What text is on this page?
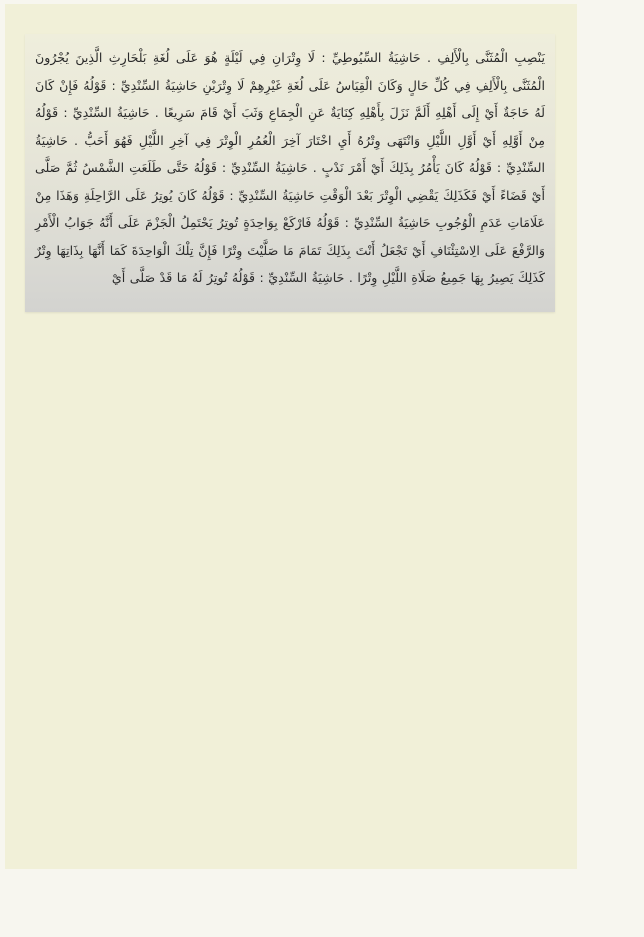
يَنْصِبِ الْمُثَنَّى بِالْأَلِفِ . حَاشِيَةُ السِّيُوطِيِّ : لَا وِتْرَانِ فِي لَيْلَةٍ هُوَ عَلَى لُغَةِ بَلْحَارِثِ الَّذِينَ يُجْرُونَ الْمُثَنَّى بِالْأَلِفِ فِي كُلِّ حَالٍ وَكَانَ الْقِيَاسُ عَلَى لُغَةِ غَيْرِهِمْ لَا وِتْرَيْنِ حَاشِيَةُ السِّنْدِيِّ : قَوْلُهُ فَإِنْ كَانَ لَهُ حَاجَةٌ أَيْ إِلَى أَهْلِهِ أَلَمَّ نَزَلَ بِأَهْلِهِ كِنَايَةٌ عَنِ الْجِمَاعِ وَثَبَ أَيْ قَامَ سَرِيعًا . حَاشِيَةُ السِّنْدِيِّ : قَوْلُهُ مِنْ أَوَّلِهِ أَيْ أَوَّلِ اللَّيْلِ وَانْتَهَى وِتْرُهُ أَيِ اخْتَارَ آخِرَ الْعُمُرِ الْوِتْرَ فِي آخِرِ اللَّيْلِ فَهُوَ أَحَبُّ . حَاشِيَةُ السِّنْدِيِّ : قَوْلُهُ كَانَ يَأْمُرُ بِذَلِكَ أَيْ أَمْرَ نَدْبٍ . حَاشِيَةُ السِّنْدِيِّ : قَوْلُهُ حَتَّى طَلَعَتِ الشَّمْسُ ثُمَّ صَلَّى أَيْ قَضَاءً أَيْ فَكَذَلِكَ يَقْضِي الْوِتْرَ بَعْدَ الْوَقْتِ حَاشِيَةُ السِّنْدِيِّ : قَوْلُهُ كَانَ يُوتِرُ عَلَى الرَّاحِلَةِ وَهَذَا مِنْ عَلَامَاتِ عَدَمِ الْوُجُوبِ حَاشِيَةُ السِّنْدِيِّ : قَوْلُهُ فَارْكَعْ بِوَاحِدَةٍ تُوتِرُ يَحْتَمِلُ الْجَزْمَ عَلَى أَنَّهُ جَوَابُ الْأَمْرِ وَالرَّفْعَ عَلَى الِاسْتِئْنَافِ أَيْ تَجْعَلُ أَنْتَ بِذَلِكَ تَمَامَ مَا صَلَّيْتَ وِتْرًا فَإِنَّ تِلْكَ الْوَاحِدَةَ كَمَا أَنَّهَا بِذَاتِهَا وِتْرٌ كَذَلِكَ يَصِيرُ بِهَا جَمِيعُ صَلَاةِ اللَّيْلِ وِتْرًا . حَاشِيَةُ السِّنْدِيِّ : قَوْلُهُ تُوتِرُ لَهُ مَا قَدْ صَلَّى أَيْ
